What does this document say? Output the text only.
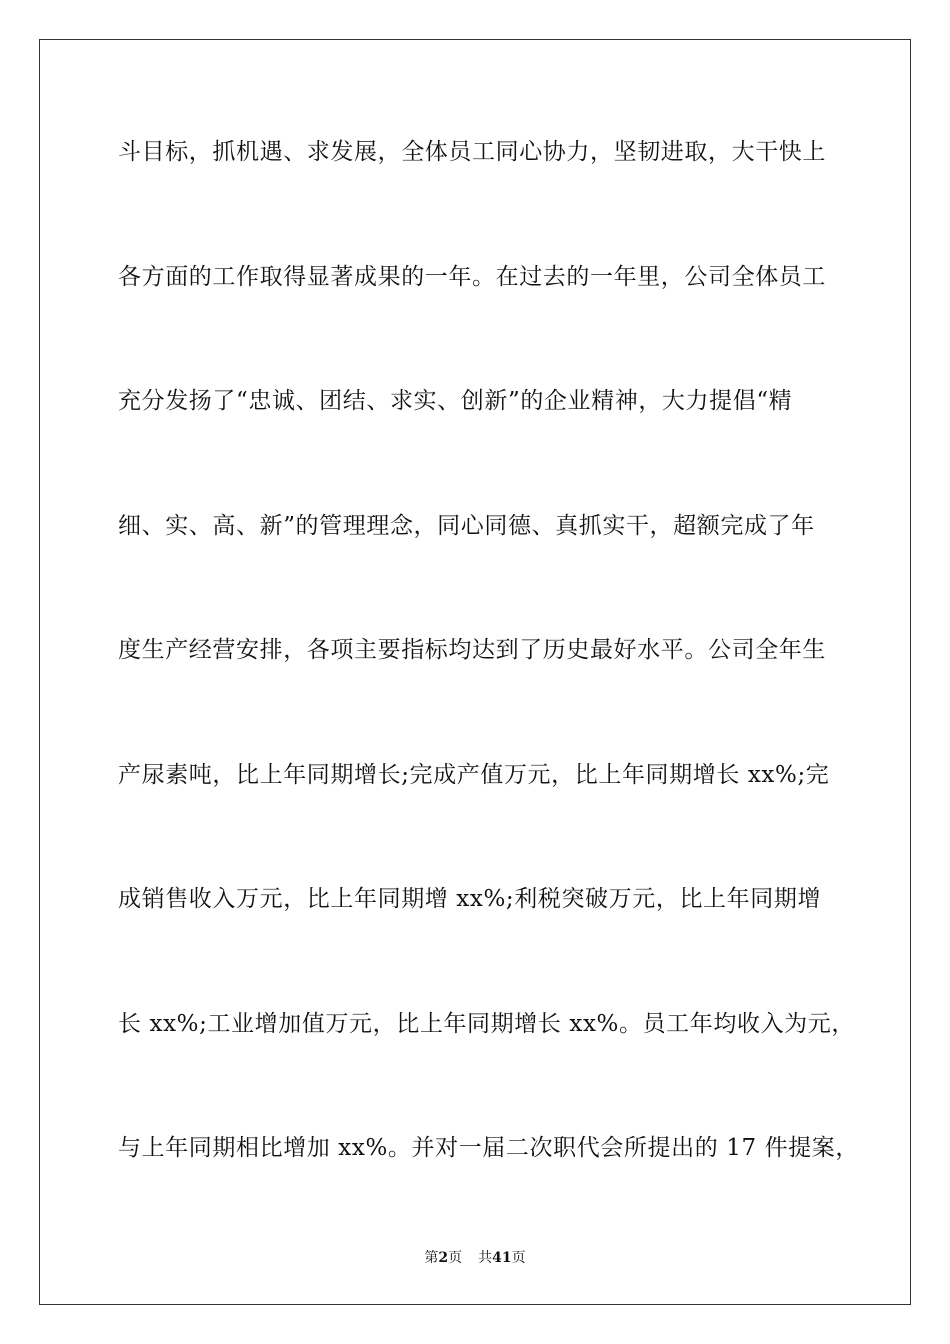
斗目标，抓机遇、求发展，全体员工同心协力，坚韧进取，大干快上
各方面的工作取得显著成果的一年。在过去的一年里，公司全体员工
充分发扬了“忠诚、团结、求实、创新”的企业精神，大力提倡“精
细、实、高、新”的管理理念，同心同德、真抓实干，超额完成了年
度生产经营安排，各项主要指标均达到了历史最好水平。公司全年生
产尿素吨，比上年同期增长;完成产值万元，比上年同期增长 xx%;完
成销售收入万元，比上年同期增 xx%;利税突破万元，比上年同期增
长 xx%;工业增加值万元，比上年同期增长 xx%。员工年均收入为元，
与上年同期相比增加 xx%。并对一届二次职代会所提出的 17 件提案，
第2页 共41页
